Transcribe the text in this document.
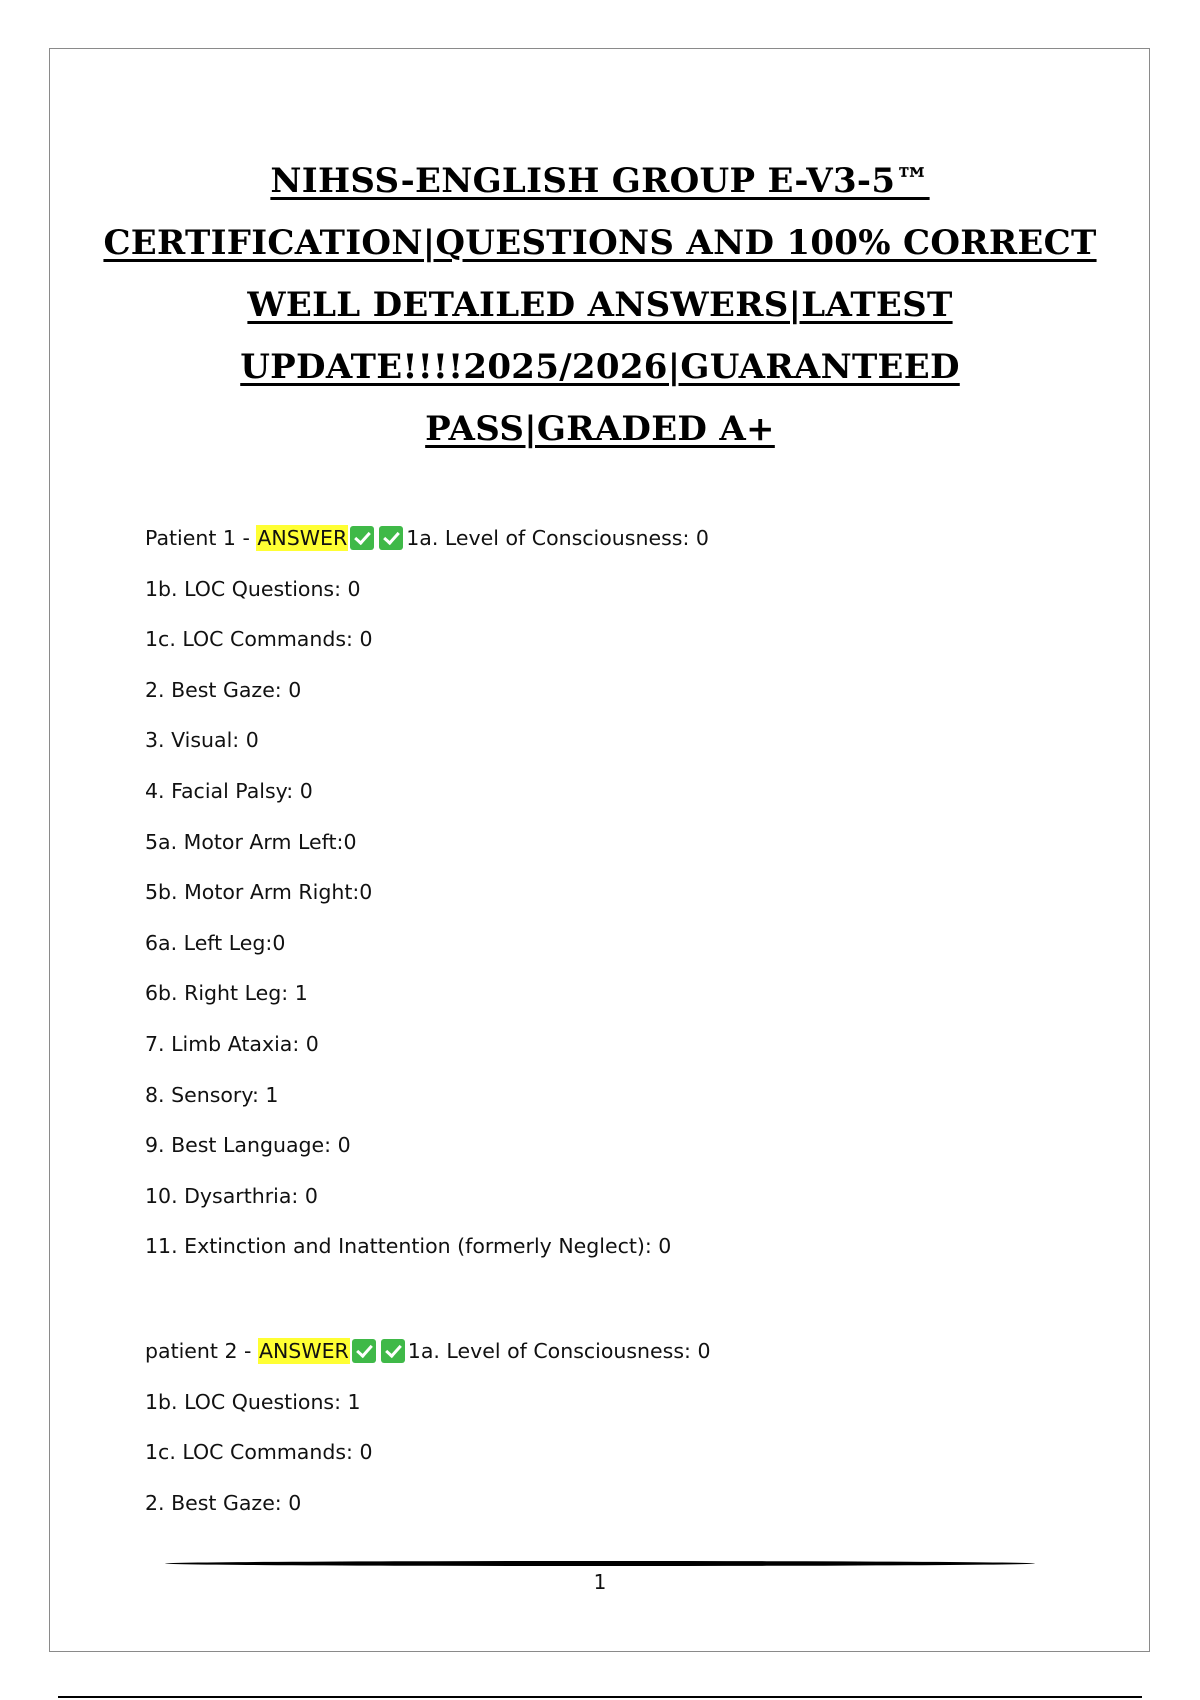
NIHSS-ENGLISH GROUP E-V3-5™
CERTIFICATION|QUESTIONS AND 100% CORRECT
WELL DETAILED ANSWERS|LATEST
UPDATE!!!!2025/2026|GUARANTEED
PASS|GRADED A+
Patient 1 - ANSWER	1a. Level of Consciousness: 0
1b. LOC Questions: 0
1c. LOC Commands: 0
2. Best Gaze: 0
3. Visual: 0
4. Facial Palsy: 0
5a. Motor Arm Left:0
5b. Motor Arm Right:0
6a. Left Leg:0
6b. Right Leg: 1
7. Limb Ataxia: 0
8. Sensory: 1
9. Best Language: 0
10. Dysarthria: 0
11. Extinction and Inattention (formerly Neglect): 0
patient 2 - ANSWER	1a. Level of Consciousness: 0
1b. LOC Questions: 1
1c. LOC Commands: 0
2. Best Gaze: 0
1
